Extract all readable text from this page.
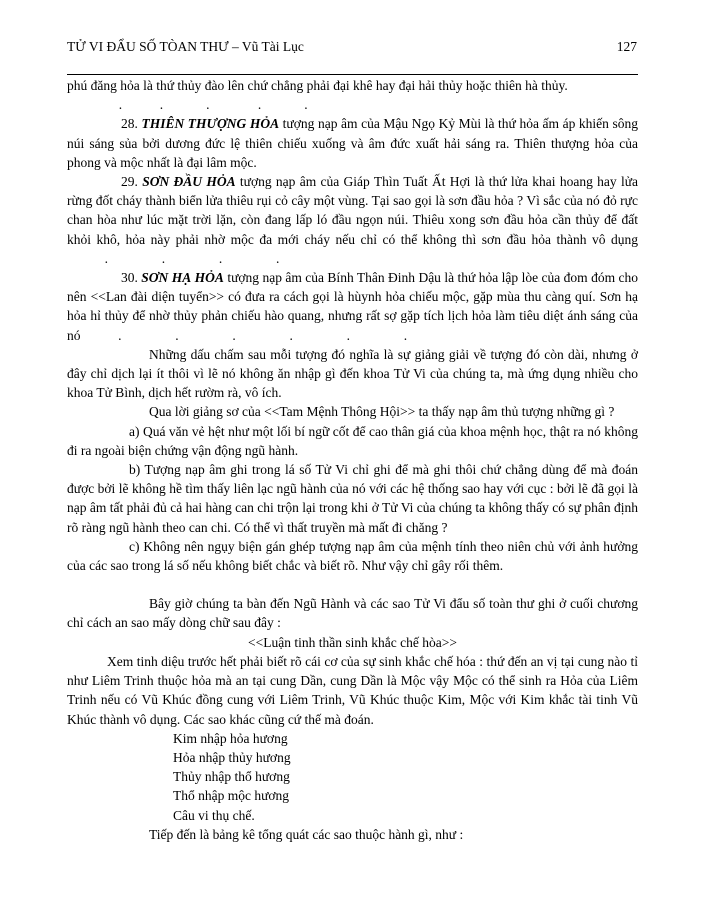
TỬ VI ĐẨU SỐ TÒAN THƯ – Vũ Tài Lục	127

phú đăng hỏa là thứ thủy đào lên chứ chẳng phải đại khê hay đại hải thủy hoặc thiên hà thủy.

.       .        .         .        .

28. THIÊN THƯỢNG HỎA tượng nạp âm của Mậu Ngọ Kỷ Mùi là thứ hỏa ấm áp khiến sông núi sáng sủa bởi dương đức lệ thiên chiếu xuống và âm đức xuất hải sáng ra. Thiên thượng hỏa của phong và mộc nhất là đại lâm mộc.

29. SƠN ĐẦU HỎA tượng nạp âm của Giáp Thìn Tuất Ất Hợi là thứ lửa khai hoang hay lửa rừng đốt cháy thành biển lửa thiêu rụi cỏ cây một vùng. Tại sao gọi là sơn đầu hỏa ? Vì sắc của nó đỏ rực chan hòa như lúc mặt trời lặn, còn đang lấp ló đầu ngọn núi. Thiêu xong sơn đầu hỏa cần thủy để đất khỏi khô, hỏa này phải nhờ mộc đa mới cháy nếu chỉ có thể không thì sơn đầu hỏa thành vô dụng       .          .          .          .

30. SƠN HẠ HỎA tượng nạp âm của Bính Thân Đinh Dậu là thứ hỏa lập lòe của đom đóm cho nên <<Lan đài diện tuyển>> có đưa ra cách gọi là hùynh hỏa chiếu mộc, gặp mùa thu càng quí. Sơn hạ hỏa hỉ thủy để nhờ thủy phản chiếu hào quang, nhưng rất sợ gặp tích lịch hỏa làm tiêu diệt ánh sáng của nó       .          .          .          .          .          .

Những dấu chấm sau mỗi tượng đó nghĩa là sự giảng giải về tượng đó còn dài, nhưng ở đây chỉ dịch lại ít thôi vì lẽ nó không ăn nhập gì đến khoa Tử Vi của chúng ta, mà ứng dụng nhiều cho khoa Tử Bình, dịch hết rườm rà, vô ích.

Qua lời giảng sơ của <<Tam Mệnh Thông Hội>> ta thấy nạp âm thủ tượng những gì ?

a) Quá văn vẻ hệt như một lối bí ngữ cốt để cao thân giá của khoa mệnh học, thật ra nó không đi ra ngoài biện chứng vận động ngũ hành.

b) Tượng nạp âm ghi trong lá số Tử Vi chỉ ghi để mà ghi thôi chứ chẳng dùng để mà đoán được bởi lẽ không hề tìm thấy liên lạc ngũ hành của nó với các hệ thống sao hay với cục : bởi lẽ đã gọi là nạp âm tất phải đủ cả hai hàng can chi trộn lại trong khi ở Tử Vi của chúng ta không thấy có sự phân định rõ ràng ngũ hành theo can chi. Có thể vì thất truyền mà mất đi chăng ?

c) Không nên ngụy biện gán ghép tượng nạp âm của mệnh tính theo niên chủ với ảnh hưởng của các sao trong lá số nếu không biết chắc và biết rõ. Như vậy chỉ gây rối thêm.

Bây giờ chúng ta bàn đến Ngũ Hành và các sao Tử Vi đẩu số toàn thư ghi ở cuối chương chỉ cách an sao mấy dòng chữ sau đây :

<<Luận tinh thần sinh khắc chế hòa>>

Xem tinh diệu trước hết phải biết rõ cái cơ của sự sinh khắc chế hóa : thứ đến an vị tại cung nào tỉ như Liêm Trinh thuộc hỏa mà an tại cung Dần, cung Dần là Mộc vậy Mộc có thể sinh ra Hỏa của Liêm Trinh nếu có Vũ Khúc đồng cung với Liêm Trinh, Vũ Khúc thuộc Kim, Mộc với Kim khắc tài tinh Vũ Khúc thành vô dụng. Các sao khác cũng cứ thế mà đoán.

Kim nhập hỏa hương

Hỏa nhập thủy hương

Thủy nhập thổ hương

Thổ nhập mộc hương

Câu vi thụ chế.

Tiếp đến là bảng kê tổng quát các sao thuộc hành gì, như :
